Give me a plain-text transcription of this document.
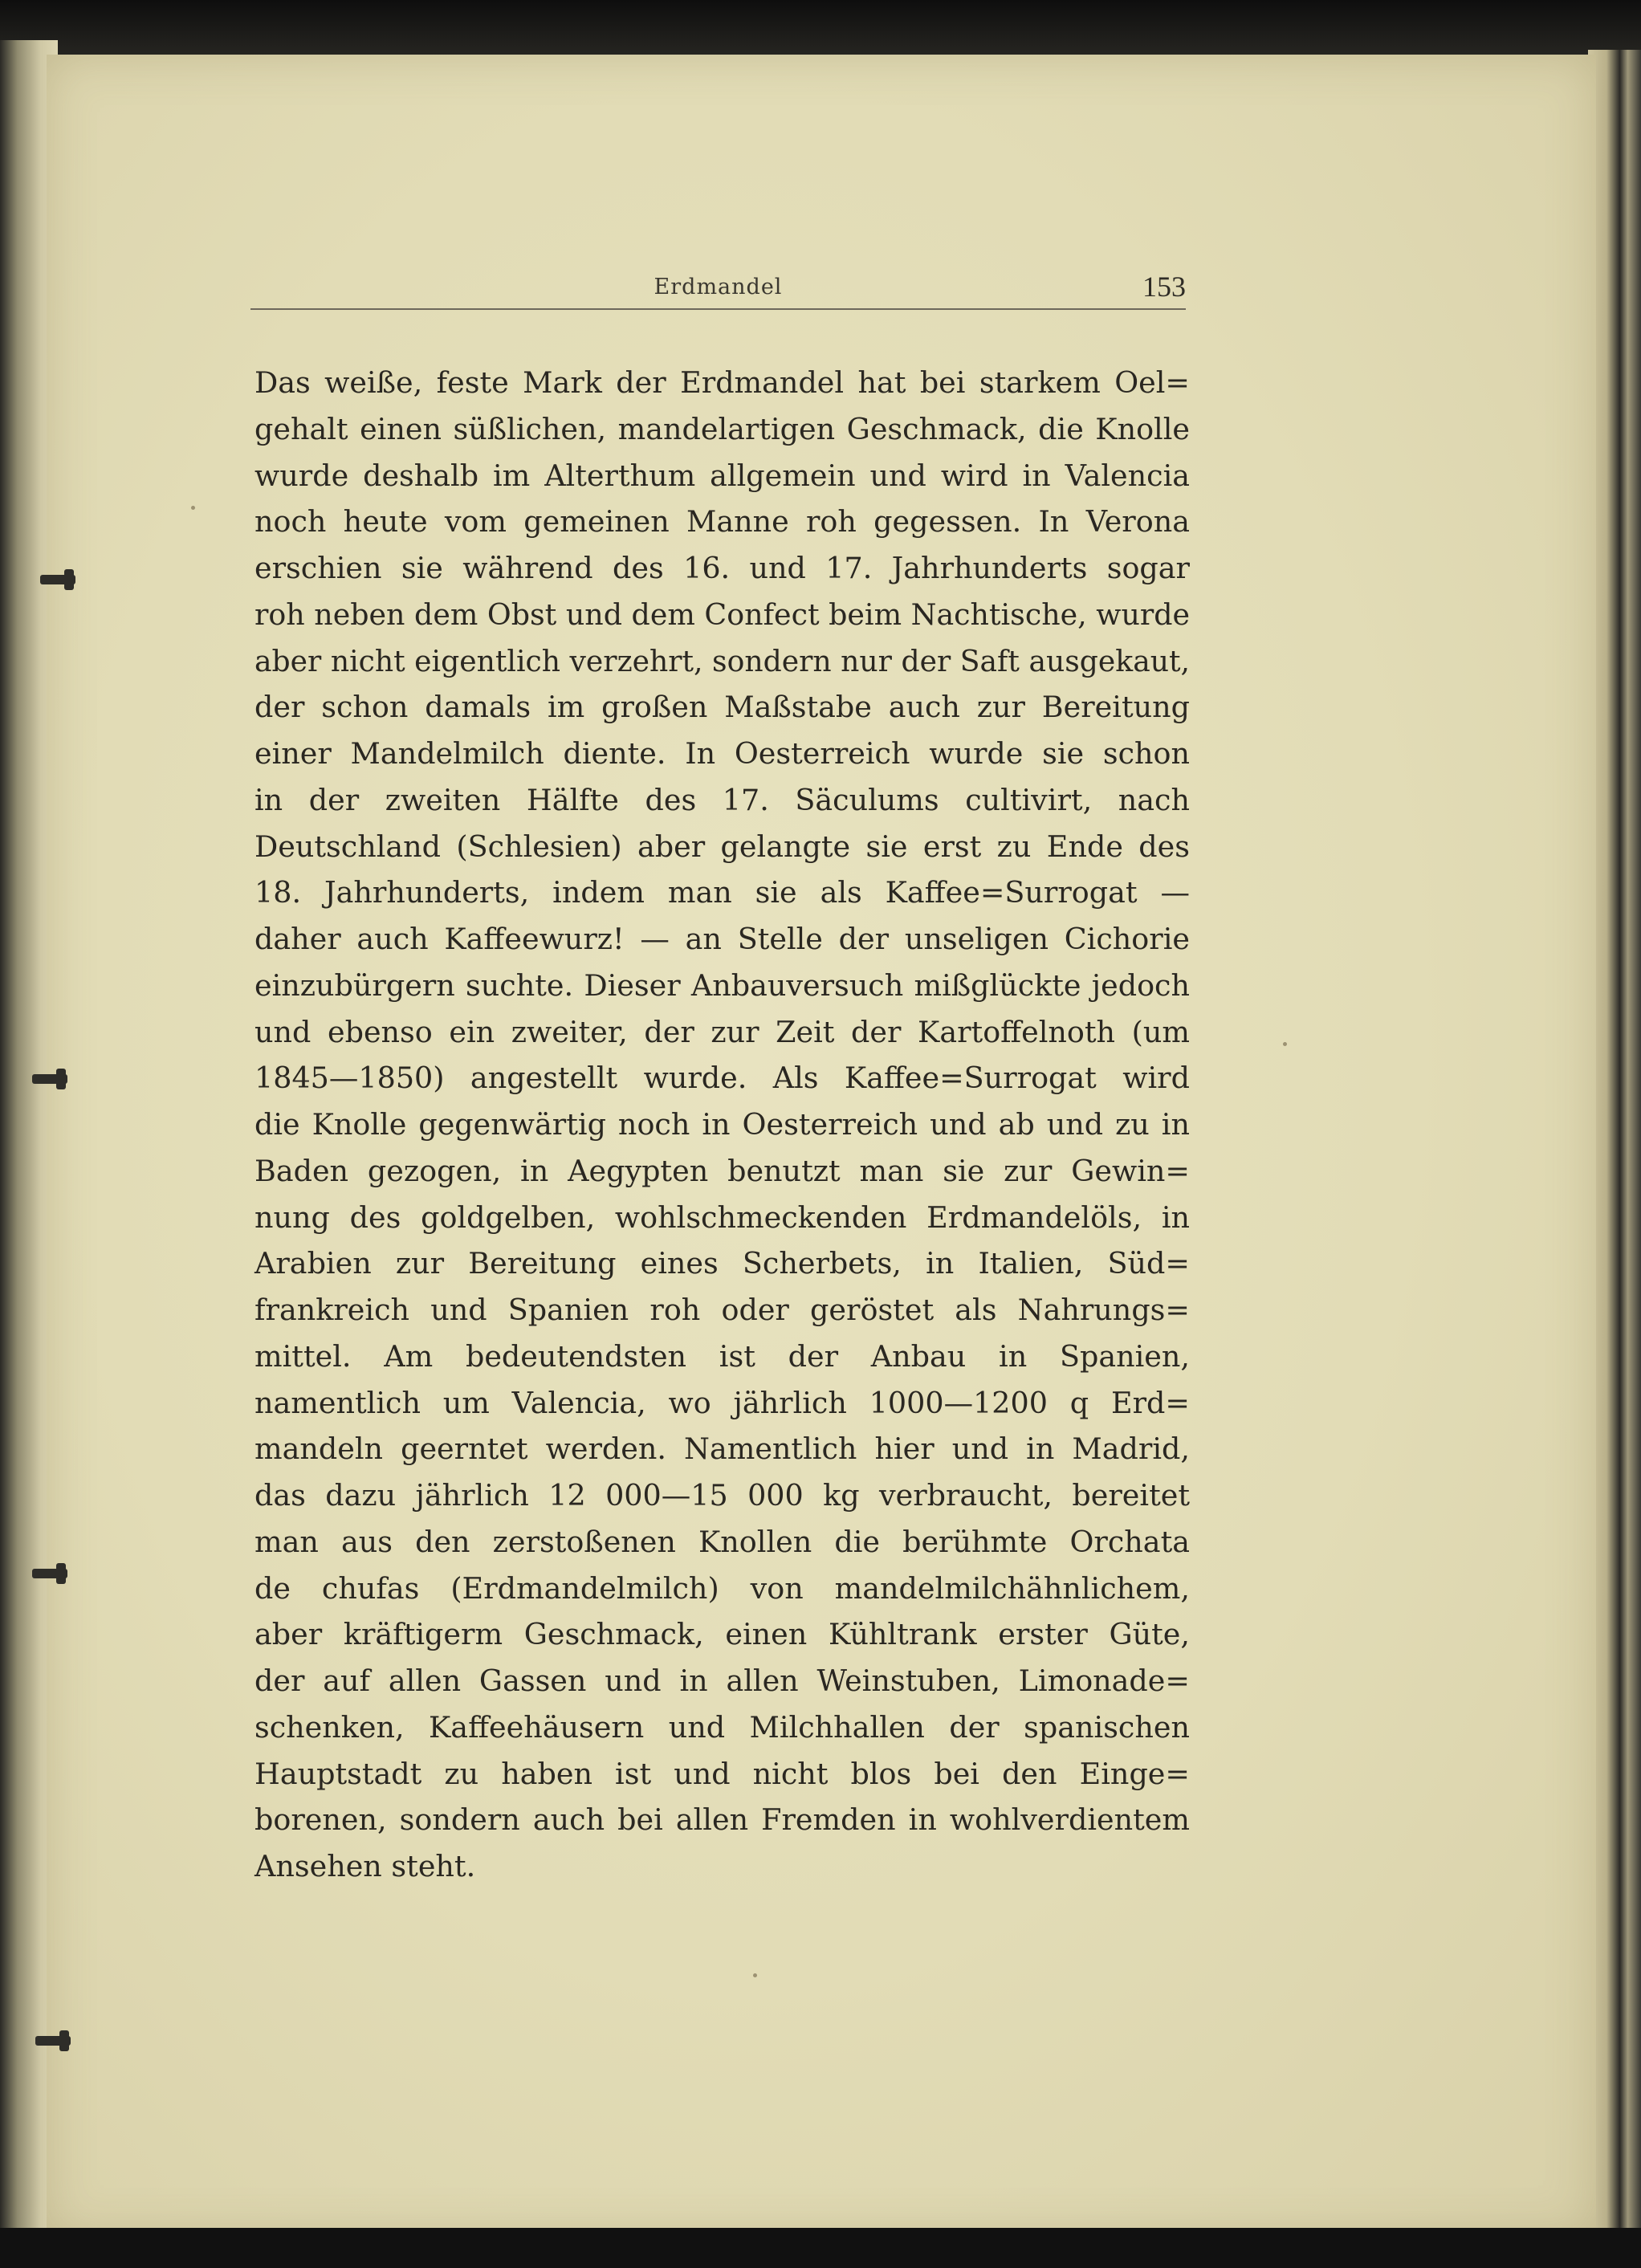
Erdmandel	153
Das weiße, feste Mark der Erdmandel hat bei starkem Oel=
gehalt einen süßlichen, mandelartigen Geschmack, die Knolle
wurde deshalb im Alterthum allgemein und wird in Valencia
noch heute vom gemeinen Manne roh gegessen. In Verona
erschien sie während des 16. und 17. Jahrhunderts sogar
roh neben dem Obst und dem Confect beim Nachtische, wurde
aber nicht eigentlich verzehrt, sondern nur der Saft ausgekaut,
der schon damals im großen Maßstabe auch zur Bereitung
einer Mandelmilch diente. In Oesterreich wurde sie schon
in der zweiten Hälfte des 17. Säculums cultivirt, nach
Deutschland (Schlesien) aber gelangte sie erst zu Ende des
18. Jahrhunderts, indem man sie als Kaffee=Surrogat —
daher auch Kaffeewurz! — an Stelle der unseligen Cichorie
einzubürgern suchte. Dieser Anbauversuch mißglückte jedoch
und ebenso ein zweiter, der zur Zeit der Kartoffelnoth (um
1845—1850) angestellt wurde. Als Kaffee=Surrogat wird
die Knolle gegenwärtig noch in Oesterreich und ab und zu in
Baden gezogen, in Aegypten benutzt man sie zur Gewin=
nung des goldgelben, wohlschmeckenden Erdmandelöls, in
Arabien zur Bereitung eines Scherbets, in Italien, Süd=
frankreich und Spanien roh oder geröstet als Nahrungs=
mittel. Am bedeutendsten ist der Anbau in Spanien,
namentlich um Valencia, wo jährlich 1000—1200 q Erd=
mandeln geerntet werden. Namentlich hier und in Madrid,
das dazu jährlich 12 000—15 000 kg verbraucht, bereitet
man aus den zerstoßenen Knollen die berühmte Orchata
de chufas (Erdmandelmilch) von mandelmilchähnlichem,
aber kräftigerm Geschmack, einen Kühltrank erster Güte,
der auf allen Gassen und in allen Weinstuben, Limonade=
schenken, Kaffeehäusern und Milchhallen der spanischen
Hauptstadt zu haben ist und nicht blos bei den Einge=
borenen, sondern auch bei allen Fremden in wohlverdientem
Ansehen steht.
